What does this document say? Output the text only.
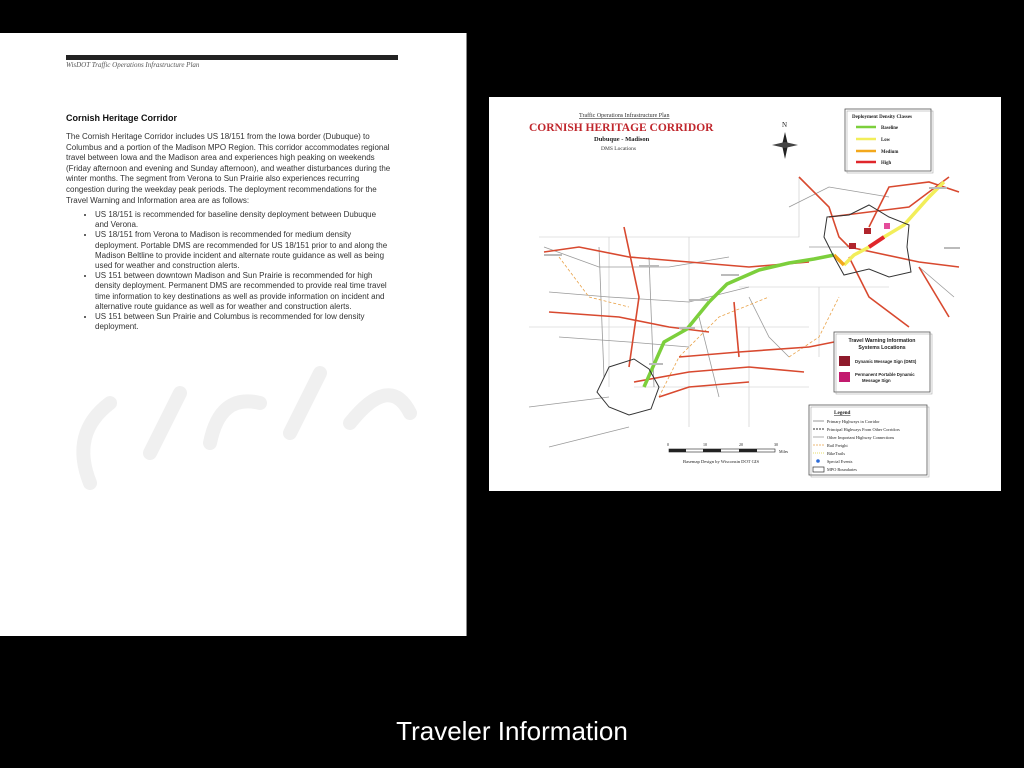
WisDOT Traffic Operations Infrastructure Plan
Cornish Heritage Corridor
The Cornish Heritage Corridor includes US 18/151 from the Iowa border (Dubuque) to Columbus and a portion of the Madison MPO Region. This corridor accommodates regional travel between Iowa and the Madison area and experiences high peaking on weekends (Friday afternoon and evening and Sunday afternoon), and weather disturbances during the winter months. The segment from Verona to Sun Prairie also experiences recurring congestion during the weekday peak periods. The deployment recommendations for the Travel Warning and Information area are as follows:
• US 18/151 is recommended for baseline density deployment between Dubuque and Verona.
• US 18/151 from Verona to Madison is recommended for medium density deployment. Portable DMS are recommended for US 18/151 prior to and along the Madison Beltline to provide incident and alternate route guidance as well as being used for weather and construction alerts.
• US 151 between downtown Madison and Sun Prairie is recommended for high density deployment. Permanent DMS are recommended to provide real time travel time information to key destinations as well as provide information on incident and alternative route guidance as well as for weather and construction alerts.
• US 151 between Sun Prairie and Columbus is recommended for low density deployment.
Traffic Operations Infrastructure Plan
CORNISH HERITAGE CORRIDOR
Dubuque - Madison
DMS Locations
N
Deployment Density Classes
Baseline
Low
Medium
High
Travel Warning Information
Systems Locations
Dynamic Message Sign (DMS)
Permanent Portable Dynamic
Message Sign
Legend
Primary Highways in Corridor
Principal Highways From Other Corridors
Other Important Highway Connections
Rail Freight
BikeTrails
Special Events
MPO Boundaries
0	10	20	30
Miles
Basemap Design by Wisconsin DOT GIS
Traveler Information
